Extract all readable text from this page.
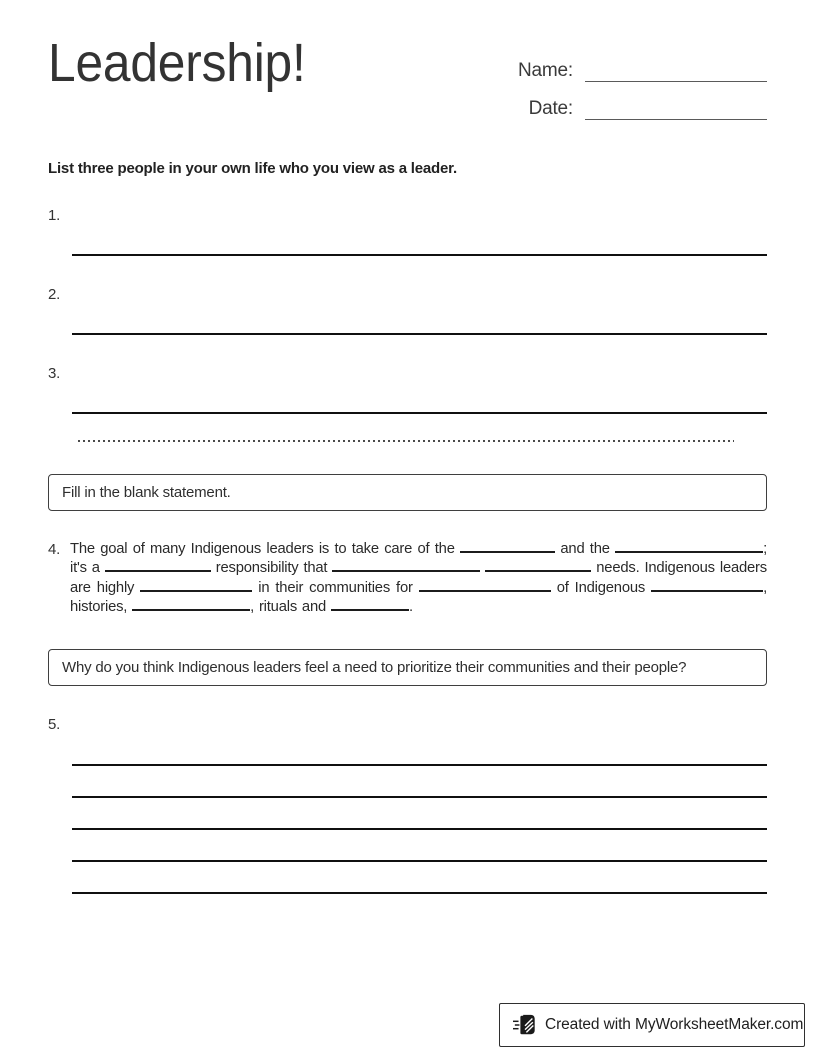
Leadership!	Name:
Date:

List three people in your own life who you view as a leader.

1.
2.
3.
Fill in the blank statement.
4. The goal of many Indigenous leaders is to take care of the	and the	; it's a	responsibility that	needs. Indigenous leaders are highly	in their communities for	of Indigenous	, histories,	, rituals and	.

Why do you think Indigenous leaders feel a need to prioritize their communities and their people?
5.
Created with MyWorksheetMaker.com
